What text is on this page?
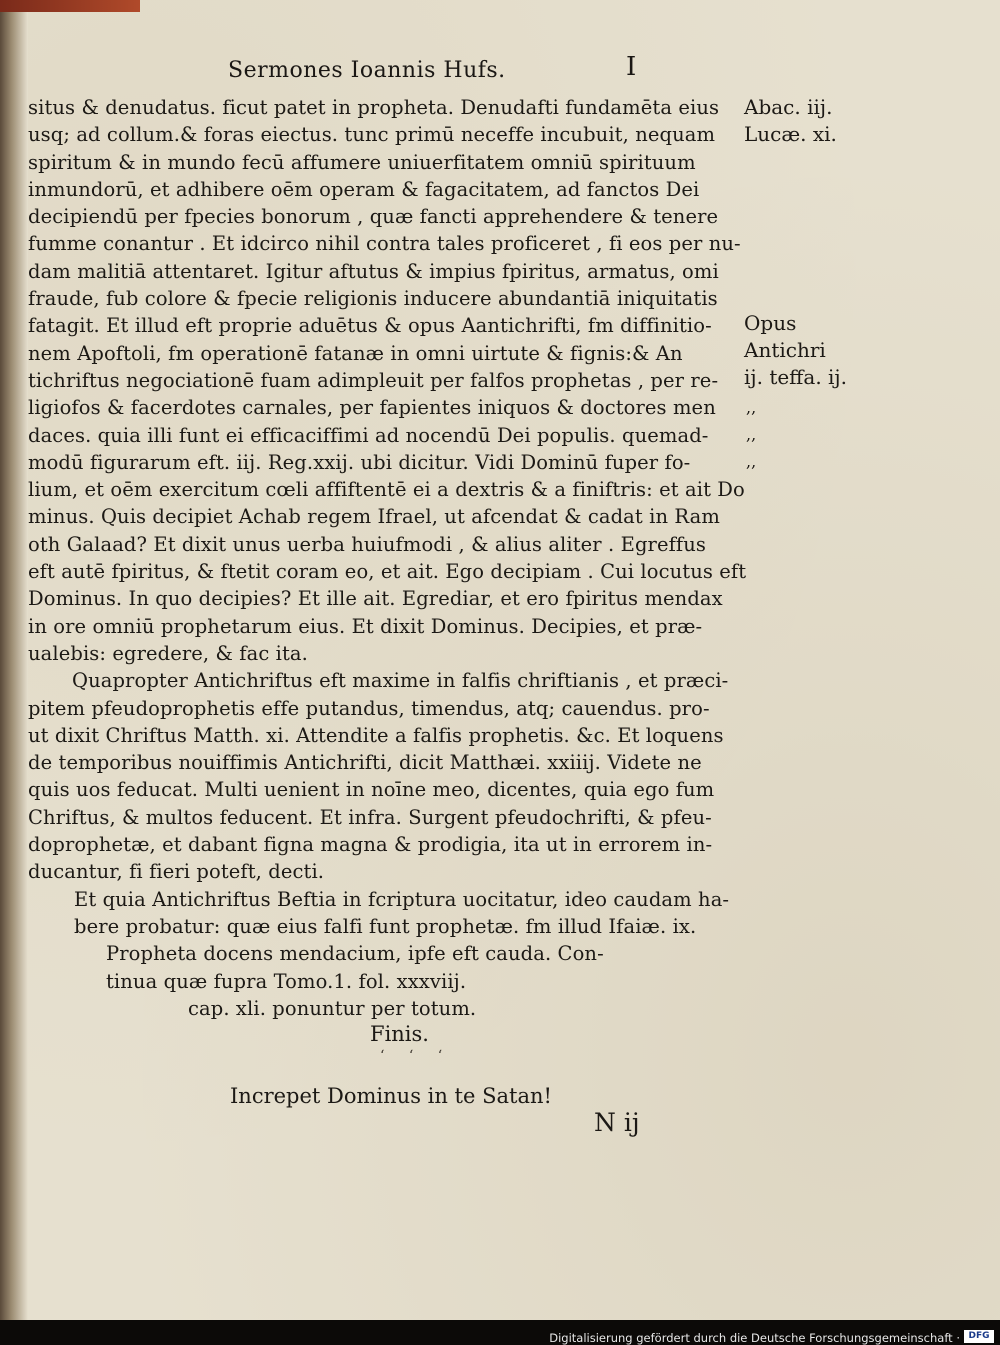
Sermones Ioannis Hufs.	I
situs & denudatus. ficut patet in propheta. Denudafti fundamēta eius
usq; ad collum.& foras eiectus. tunc primū neceffe incubuit, nequam
spiritum & in mundo fecū affumere uniuerfitatem omniū spirituum
inmundorū, et adhibere oēm operam & fagacitatem, ad fanctos Dei
decipiendū per fpecies bonorum , quæ fancti apprehendere & tenere
fumme conantur . Et idcirco nihil contra tales proficeret , fi eos per nu-
dam malitiā attentaret. Igitur aftutus & impius fpiritus, armatus, omi
fraude, fub colore & fpecie religionis inducere abundantiā iniquitatis
fatagit. Et illud eft proprie aduētus & opus Aantichrifti, fm diffinitio-
nem Apoftoli, fm operationē fatanæ in omni uirtute & fignis:& An
tichriftus negociationē fuam adimpleuit per falfos prophetas , per re-
ligiofos & facerdotes carnales, per fapientes iniquos & doctores men
daces. quia illi funt ei efficaciffimi ad nocendū Dei populis. quemad-
modū figurarum eft. iij. Reg.xxij. ubi dicitur. Vidi Dominū fuper fo-
lium, et oēm exercitum cœli affiftentē ei a dextris & a finiftris: et ait Do
minus. Quis decipiet Achab regem Ifrael, ut afcendat & cadat in Ram
oth Galaad? Et dixit unus uerba huiufmodi , & alius aliter . Egreffus
eft autē fpiritus, & ftetit coram eo, et ait. Ego decipiam . Cui locutus eft
Dominus. In quo decipies? Et ille ait. Egrediar, et ero fpiritus mendax
in ore omniū prophetarum eius. Et dixit Dominus. Decipies, et præ-
ualebis: egredere, & fac ita.
Quapropter Antichriftus eft maxime in falfis chriftianis , et præci-
pitem pfeudoprophetis effe putandus, timendus, atq; cauendus. pro-
ut dixit Chriftus Matth. xi. Attendite a falfis prophetis. &c. Et loquens
de temporibus nouiffimis Antichrifti, dicit Matthæi. xxiiij. Videte ne
quis uos feducat. Multi uenient in noīne meo, dicentes, quia ego fum
Chriftus, & multos feducent. Et infra. Surgent pfeudochrifti, & pfeu-
doprophetæ, et dabant figna magna & prodigia, ita ut in errorem in-
ducantur, fi fieri poteft, decti.
Et quia Antichriftus Beftia in fcriptura uocitatur, ideo caudam ha-
bere probatur: quæ eius falfi funt prophetæ. fm illud Ifaiæ. ix.
Propheta docens mendacium, ipfe eft cauda. Con-
tinua quæ fupra Tomo.1. fol. xxxviij.
cap. xli. ponuntur per totum.
Abac. iij.
Lucæ. xi.
Opus
Antichri
ij. teffa. ij.
,,
,,
,,
Finis.
‘ ‘ ‘
Increpet Dominus in te Satan!
N ij
Digitalisierung gefördert durch die Deutsche Forschungsgemeinschaft · DFG
